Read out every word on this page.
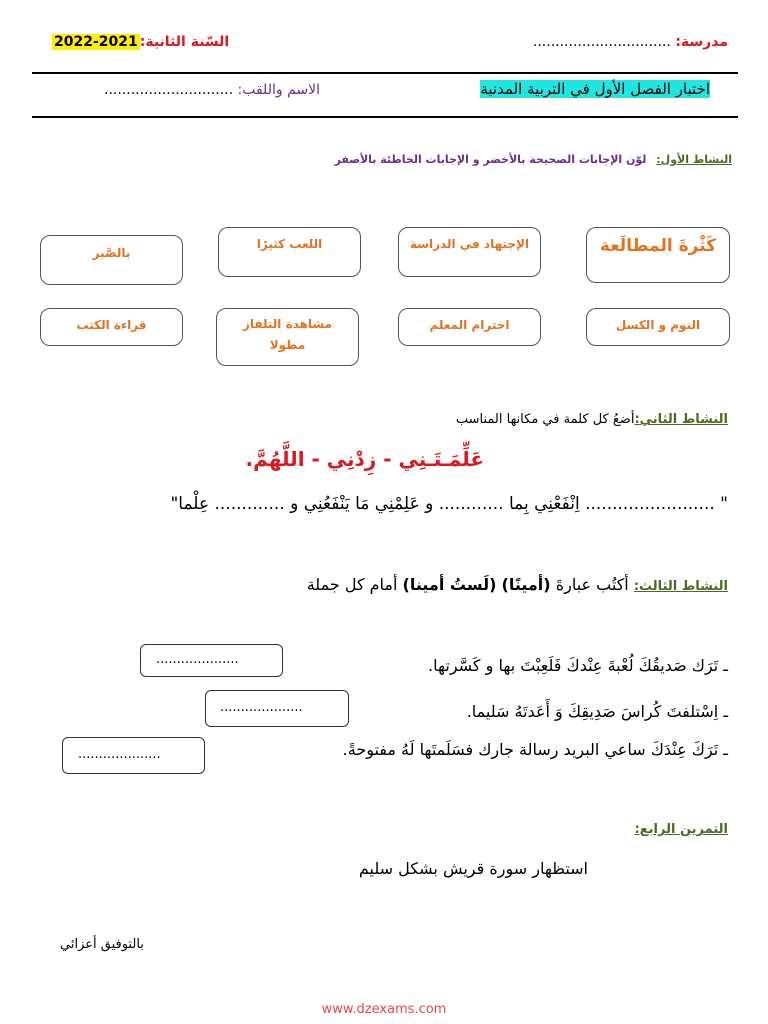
مدرسة: ...............................
السّنة الثانية:2022-2021
اختبار الفصل الأول في التربية المدنية
الاسم واللقب: .............................
النشاط الأول: لوّن الإجابات الصحيحة بالأخضر و الإجابات الخاطئة بالأصفر
كَثْرةَ المطالَعة
الإجتهاد في الدراسة
اللعب كثيرًا
بالصَّبر
النوم و الكسل
احترام المعلم
مشاهدة التلفاز مطولا
قراءة الكتب
النشاط الثاني:أضعُ كل كلمة في مكانها المناسب
عَلِّمَـتَـنِي - زِدْنِي - اللَّهُمَّ.
" ........................ اِنْفَعْنِي بِما ............ و عَلِمْنِي مَا يَنْفَعُنِي و ............. عِلْما"
النشاط الثالث: أكتُب عبارةَ (أمينًا) (لَستُ أمينا) أمام كل جملة
ـ تَرَك صَديقُكَ لُعْبةَ عِنْدكَ فَلَعِبْتَ بها و كَسَّرتها.
....................
ـ اِسْتلفتَ كُراسَ صَدِيقِكَ وَ أَعَدتَهُ سَليما.
....................
ـ تَرَكَ عِنْدَكَ ساعي البريد رسالة جارك فسَلَمتَها لَهُ مفتوحةً.
....................
التمرين الرابع:
استظهار سورة قريش بشكل سليم
بالتوفيق أعزائي
www.dzexams.com
